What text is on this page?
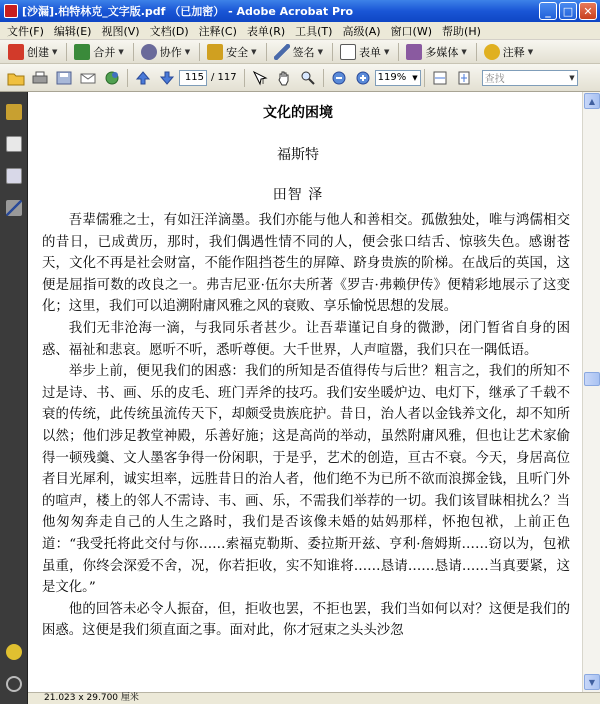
[沙漏].柏特林克_文字版.pdf （已加密） - Adobe Acrobat Pro	_	□ ✕
文件(F) 编辑(E) 视图(V) 文档(D) 注释(C) 表单(R) 工具(T) 高级(A) 窗口(W) 帮助(H)
创建 ▼	合并 ▼	协作 ▼	安全 ▼	签名 ▼	表单 ▼	多媒体 ▼	注释 ▼
115 / 117	I	119% ▼	查找	▼
文化的困境
福斯特
田智 泽

吾辈儒雅之士，有如汪洋滴墨。我们亦能与他人和善相交。孤傲独处，唯与鸿儒相交的昔日，已成黄历，那时，我们偶遇性情不同的人，便会张口结舌、惊骇失色。感谢苍天，文化不再是社会财富，不能作阻挡苍生的屏障、跻身贵族的阶梯。在战后的英国，这便是屈指可数的改良之一。弗吉尼亚·伍尔夫所著《罗吉·弗赖伊传》便精彩地展示了这变化；这里，我们可以追溯附庸风雅之风的衰败、享乐愉悦思想的发展。

我们无非沧海一滴，与我同乐者甚少。让吾辈谨记自身的微渺，闭门暂省自身的困惑、福祉和悲哀。愿听不听，悉听尊便。大千世界，人声喧嚣，我们只在一隅低语。

举步上前，便见我们的困惑：我们的所知是否值得传与后世？粗言之，我们的所知不过是诗、书、画、乐的皮毛、班门弄斧的技巧。我们安坐暖炉边、电灯下，继承了千载不衰的传统，此传统虽流传天下，却颇受贵族庇护。昔日，治人者以金钱养文化，却不知所以然；他们涉足教堂神殿，乐善好施；这是高尚的举动，虽然附庸风雅，但也让艺术家偷得一顿残羹、文人墨客争得一份闲职，于是乎，艺术的创造，亘古不衰。今天，身居高位者目光犀利，诚实坦率，远胜昔日的治人者，他们绝不为已所不欲而浪掷金钱，且听门外的喧声，楼上的邻人不需诗、韦、画、乐，不需我们举荐的一切。我们该冒昧相扰么？当他匆匆奔走自己的人生之路时，我们是否该像未婚的姑妈那样，怀抱包袱，上前正色道：“我受托将此交付与你……索福克勒斯、委拉斯开兹、亨利·詹姆斯……窃以为，包袱虽重，你终会深爱不舍，况，你若拒收，实不知谁将……恳请……恳请……当真要紧，这是文化。”

他的回答未必令人振奋，但，拒收也罢，不拒也罢，我们当如何以对？这便是我们的困惑。这便是我们须直面之事。面对此，你才冠束之头头沙忽

▲
▼
21.023 x 29.700 厘米
